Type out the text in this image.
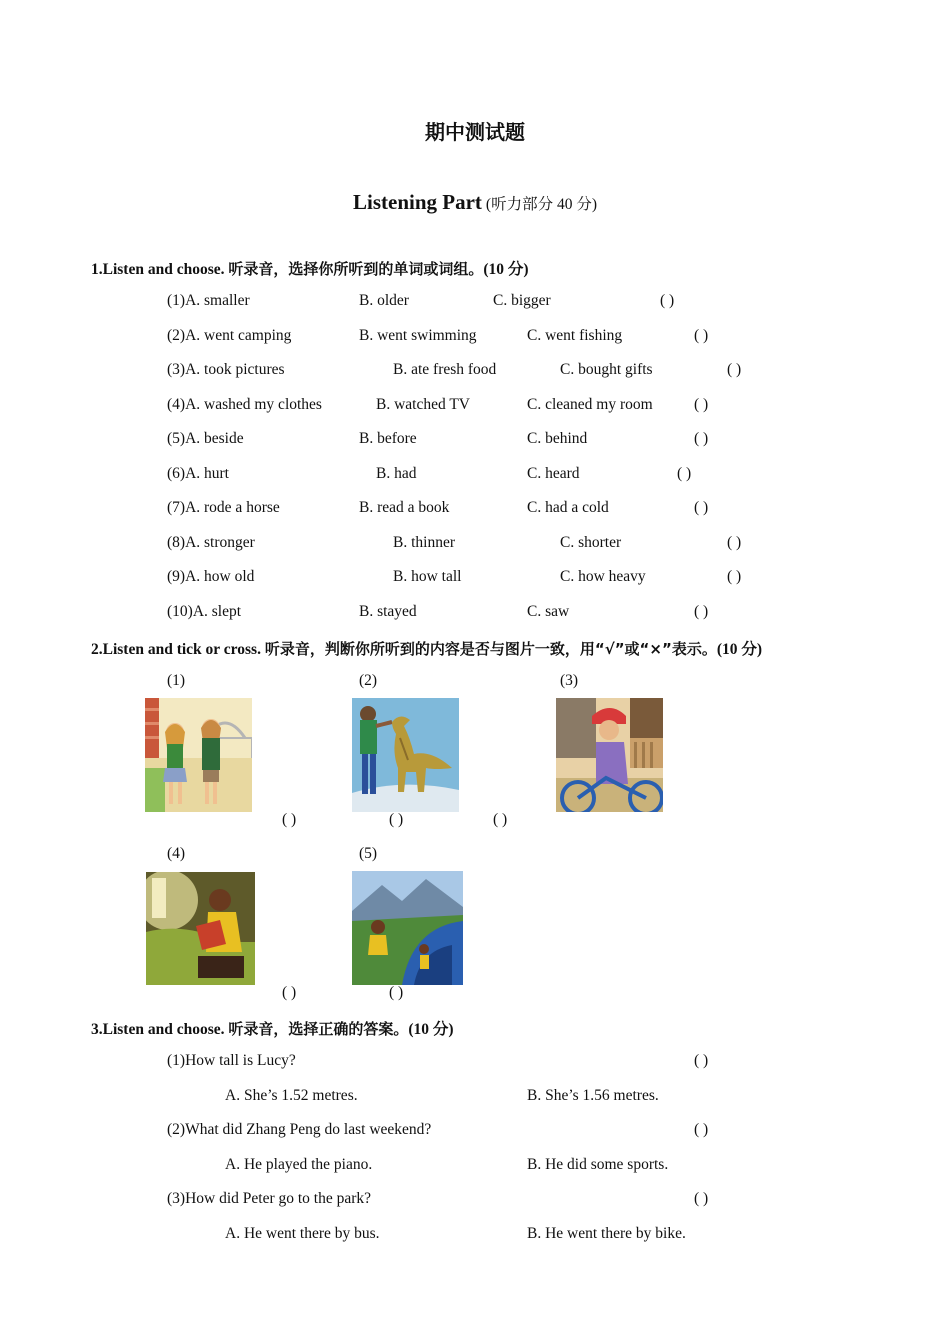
期中测试题
Listening Part (听力部分 40 分)
1.Listen and choose. 听录音，选择你所听到的单词或词组。(10 分)
(1)A. smaller	B. older	C. bigger	( )
(2)A. went camping	B. went swimming	C. went fishing	( )
(3)A. took pictures	B. ate fresh food	C. bought gifts	( )
(4)A. washed my clothes	B. watched TV	C. cleaned my room	( )
(5)A. beside	B. before	C. behind	( )
(6)A. hurt	B. had	C. heard	( )
(7)A. rode a horse	B. read a book	C. had a cold	( )
(8)A. stronger	B. thinner	C. shorter	( )
(9)A. how old	B. how tall	C. how heavy	( )
(10)A. slept	B. stayed	C. saw	( )
2.Listen and tick or cross. 听录音，判断你所听到的内容是否与图片一致，用“√”或“×”表示。(10 分)
(1)	(2)	(3)
( )	( )	( )
(4)	(5)
( )	( )
3.Listen and choose. 听录音，选择正确的答案。(10 分)
(1)How tall is Lucy?	( )
A. She’s 1.52 metres.	B. She’s 1.56 metres.
(2)What did Zhang Peng do last weekend?	( )
A. He played the piano.	B. He did some sports.
(3)How did Peter go to the park?	( )
A. He went there by bus.	B. He went there by bike.
